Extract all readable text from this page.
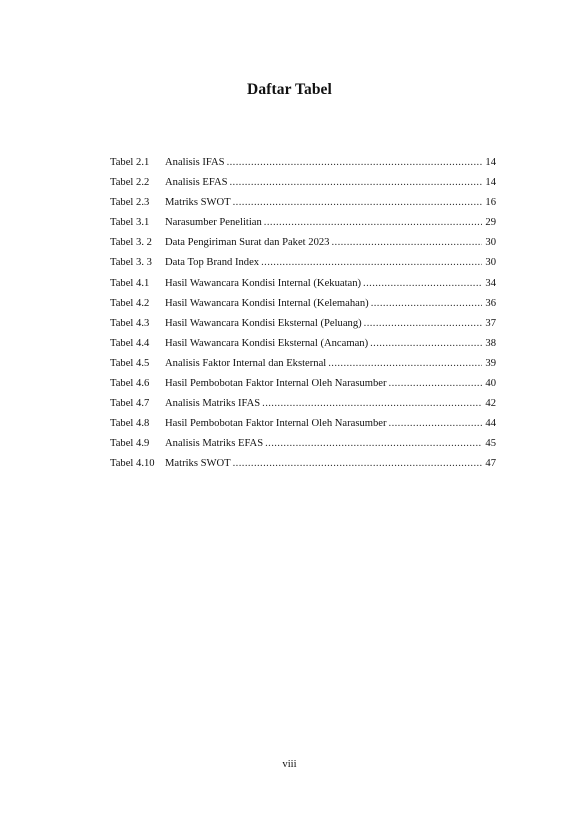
Daftar Tabel
Tabel 2.1	Analisis IFAS .....	14
Tabel 2.2	Analisis EFAS .....	14
Tabel 2.3	Matriks SWOT .....	16
Tabel 3.1	Narasumber Penelitian .....	29
Tabel 3. 2	Data Pengiriman Surat dan Paket 2023 .....	30
Tabel 3. 3	Data Top Brand Index .....	30
Tabel 4.1	Hasil Wawancara Kondisi Internal (Kekuatan) .....	34
Tabel 4.2	Hasil Wawancara Kondisi Internal (Kelemahan) .....	36
Tabel 4.3	Hasil Wawancara Kondisi Eksternal (Peluang) .....	37
Tabel 4.4	Hasil Wawancara Kondisi Eksternal (Ancaman) .....	38
Tabel 4.5	Analisis Faktor Internal dan Eksternal .....	39
Tabel 4.6	Hasil Pembobotan Faktor Internal Oleh Narasumber .....	40
Tabel 4.7	Analisis Matriks IFAS .....	42
Tabel 4.8	Hasil Pembobotan Faktor Internal Oleh Narasumber .....	44
Tabel 4.9	Analisis Matriks EFAS .....	45
Tabel 4.10 Matriks SWOT .....	47
viii
